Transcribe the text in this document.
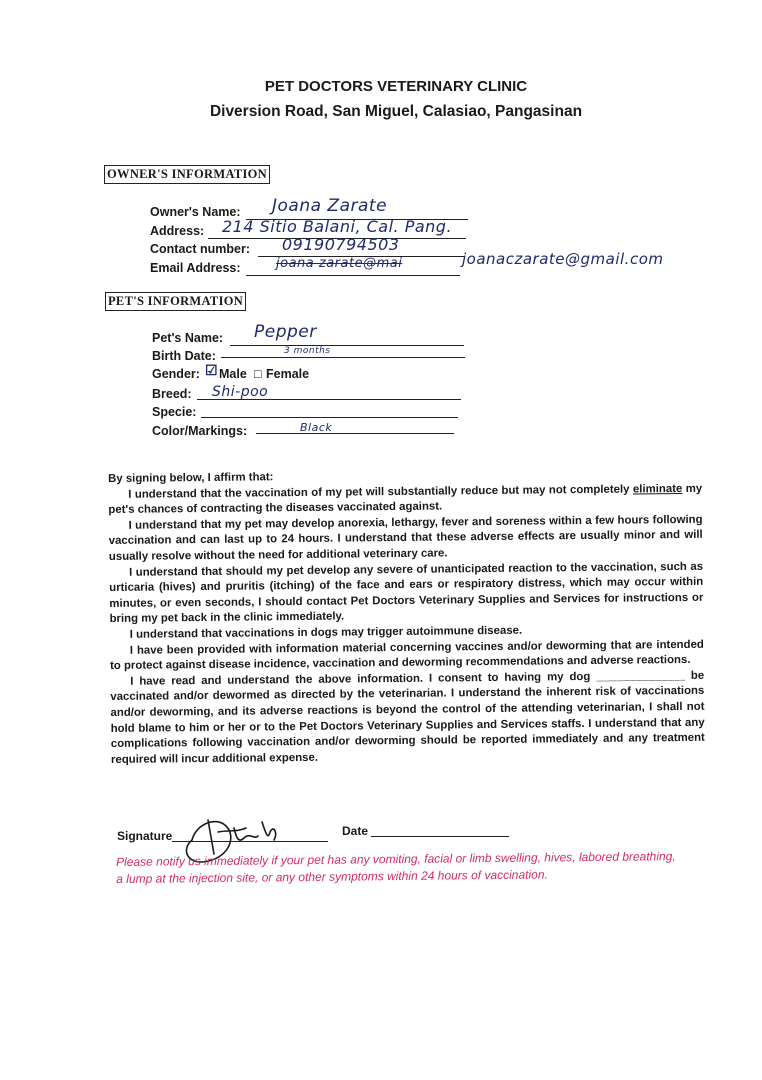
PET DOCTORS VETERINARY CLINIC
Diversion Road, San Miguel, Calasiao, Pangasinan
OWNER'S INFORMATION
Owner's Name: Joana Zarate
Address: 214 Sitio Balani, Cal. Pang.
Contact number: 09190794503
Email Address:	joana zarate@mai	joanaczarate@gmail.com
PET'S INFORMATION
Pet's Name: Pepper
Birth Date:	3 months
Gender: ☑ Male □ Female
Breed: Shi-poo
Specie:
Color/Markings:	Black

By signing below, I affirm that:

I understand that the vaccination of my pet will substantially reduce but may not completely eliminate my pet's chances of contracting the diseases vaccinated against.

I understand that my pet may develop anorexia, lethargy, fever and soreness within a few hours following vaccination and can last up to 24 hours. I understand that these adverse effects are usually minor and will usually resolve without the need for additional veterinary care.

I understand that should my pet develop any severe of unanticipated reaction to the vaccination, such as urticaria (hives) and pruritis (itching) of the face and ears or respiratory distress, which may occur within minutes, or even seconds, I should contact Pet Doctors Veterinary Supplies and Services for instructions or bring my pet back in the clinic immediately.

I understand that vaccinations in dogs may trigger autoimmune disease.

I have been provided with information material concerning vaccines and/or deworming that are intended to protect against disease incidence, vaccination and deworming recommendations and adverse reactions.

I have read and understand the above information. I consent to having my dog ______________ be vaccinated and/or dewormed as directed by the veterinarian. I understand the inherent risk of vaccinations and/or deworming, and its adverse reactions is beyond the control of the attending veterinarian, I shall not hold blame to him or her or to the Pet Doctors Veterinary Supplies and Services staffs. I understand that any complications following vaccination and/or deworming should be reported immediately and any treatment required will incur additional expense.

Signature	Date
Please notify us immediately if your pet has any vomiting, facial or limb swelling, hives, labored breathing, a lump at the injection site, or any other symptoms within 24 hours of vaccination.
